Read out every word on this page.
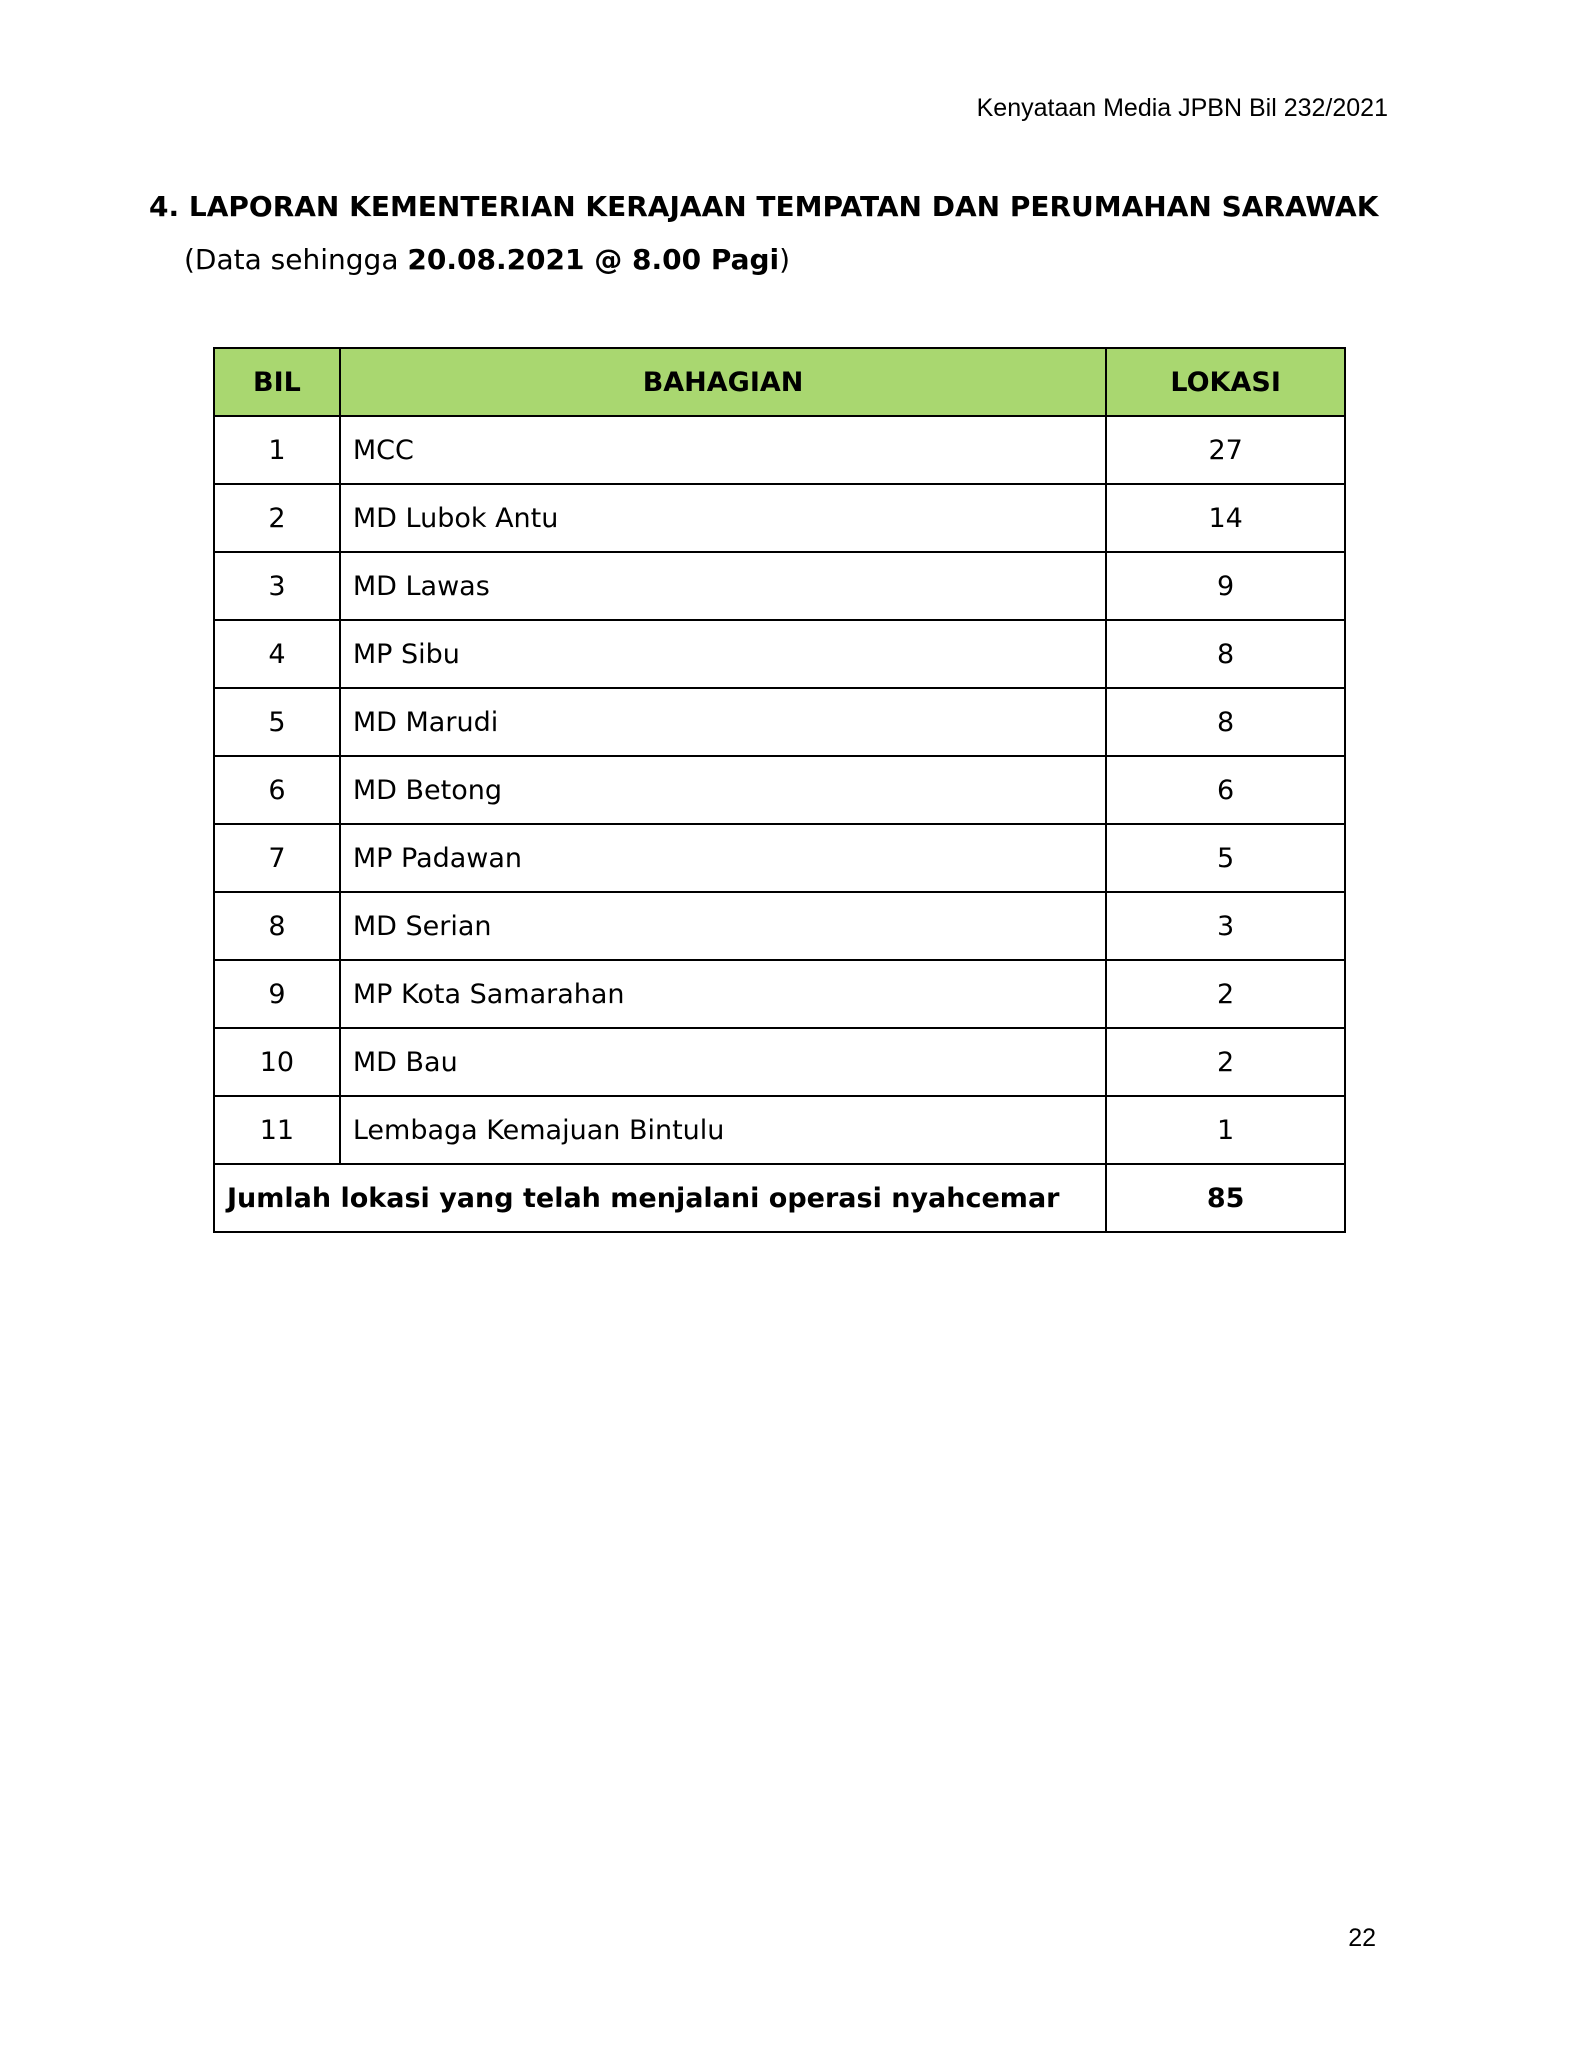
Kenyataan Media JPBN Bil 232/2021
4. LAPORAN KEMENTERIAN KERAJAAN TEMPATAN DAN PERUMAHAN SARAWAK
(Data sehingga 20.08.2021 @ 8.00 Pagi)
BIL	BAHAGIAN	LOKASI
1	MCC	27
2	MD Lubok Antu	14
3	MD Lawas	9
4	MP Sibu	8
5	MD Marudi	8
6	MD Betong	6
7	MP Padawan	5
8	MD Serian	3
9	MP Kota Samarahan	2
10	MD Bau	2
11	Lembaga Kemajuan Bintulu	1
Jumlah lokasi yang telah menjalani operasi nyahcemar		85
22
